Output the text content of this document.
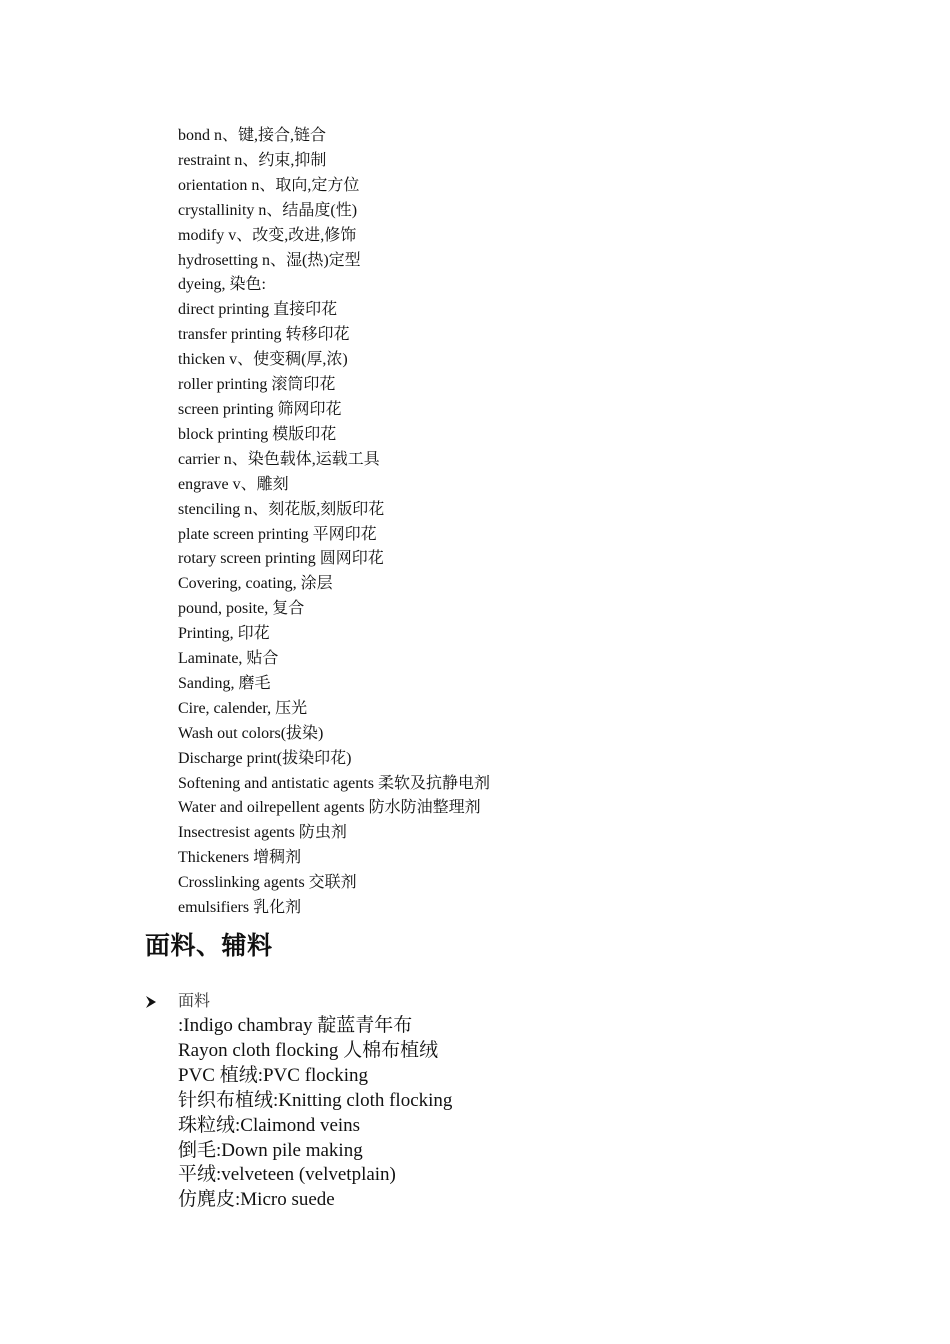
bond n、键,接合,链合
restraint n、约束,抑制
orientation n、取向,定方位
crystallinity n、结晶度(性)
modify v、改变,改进,修饰
hydrosetting n、湿(热)定型
dyeing, 染色:
direct printing 直接印花
transfer printing 转移印花
thicken v、使变稠(厚,浓)
roller printing 滚筒印花
screen printing 筛网印花
block printing 模版印花
carrier n、染色载体,运载工具
engrave v、雕刻
stenciling n、刻花版,刻版印花
plate screen printing 平网印花
rotary screen printing 圆网印花
Covering, coating, 涂层
pound, posite, 复合
Printing, 印花
Laminate, 贴合
Sanding, 磨毛
Cire, calender, 压光
Wash out colors(拔染)
Discharge print(拔染印花)
Softening and antistatic agents 柔软及抗静电剂
Water and oilrepellent agents 防水防油整理剂
Insectresist agents 防虫剂
Thickeners 增稠剂
Crosslinking agents 交联剂
emulsifiers 乳化剂
面料、辅料
面料
:Indigo chambray 靛蓝青年布
Rayon cloth flocking 人棉布植绒
PVC 植绒:PVC flocking
针织布植绒:Knitting cloth flocking
珠粒绒:Claimond veins
倒毛:Down pile making
平绒:velveteen (velvetplain)
仿麂皮:Micro suede
